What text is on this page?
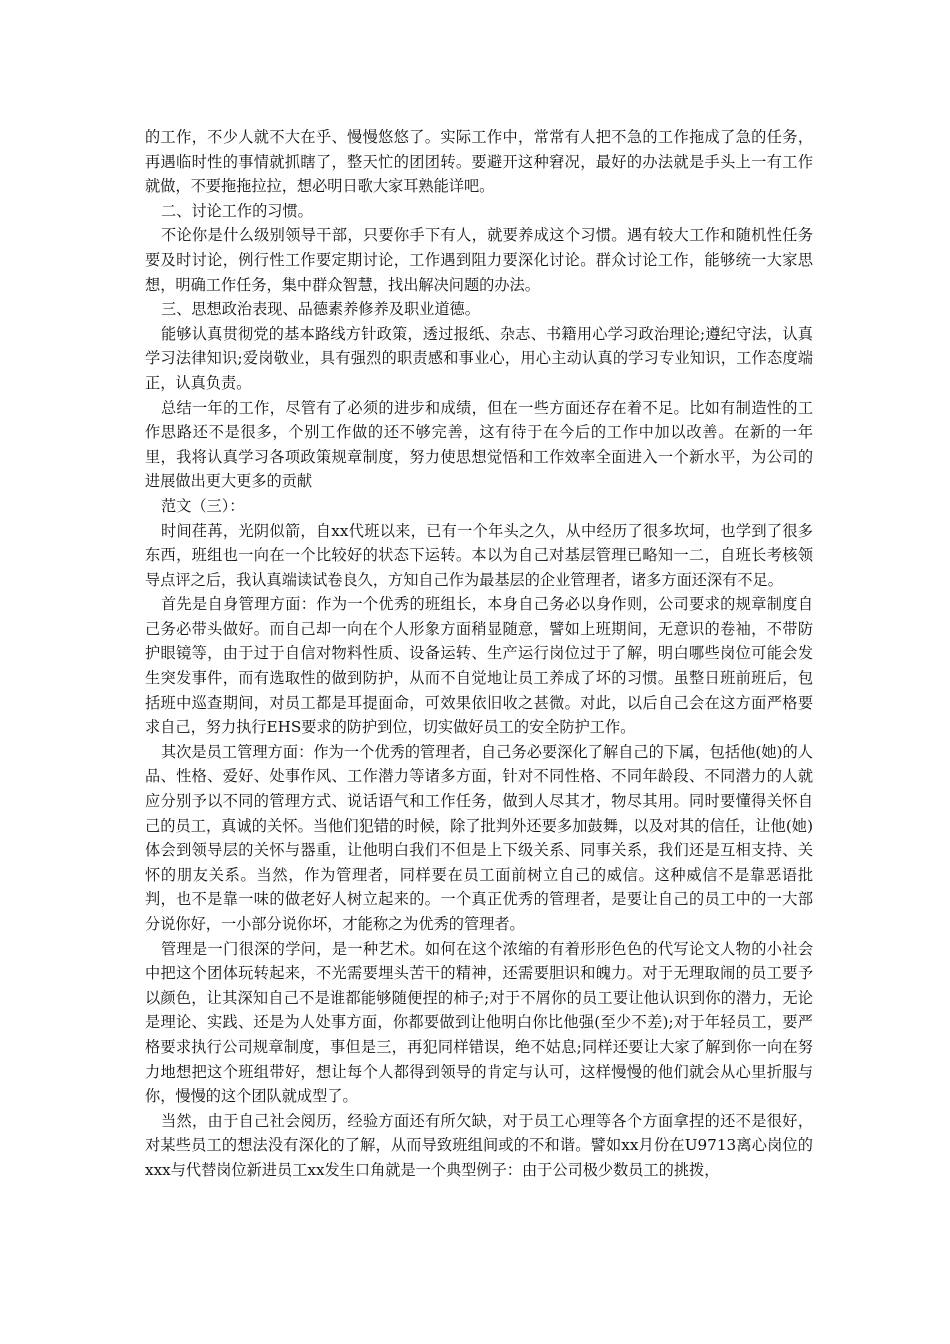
的工作，不少人就不大在乎、慢慢悠悠了。实际工作中，常常有人把不急的工作拖成了急的任务，再遇临时性的事情就抓瞎了，整天忙的团团转。要避开这种窘况，最好的办法就是手头上一有工作就做，不要拖拖拉拉，想必明日歌大家耳熟能详吧。

二、讨论工作的习惯。

不论你是什么级别领导干部，只要你手下有人，就要养成这个习惯。遇有较大工作和随机性任务要及时讨论，例行性工作要定期讨论，工作遇到阻力要深化讨论。群众讨论工作，能够统一大家思想，明确工作任务，集中群众智慧，找出解决问题的办法。

三、思想政治表现、品德素养修养及职业道德。

能够认真贯彻党的基本路线方针政策，透过报纸、杂志、书籍用心学习政治理论;遵纪守法，认真学习法律知识;爱岗敬业，具有强烈的职责感和事业心，用心主动认真的学习专业知识，工作态度端正，认真负责。

总结一年的工作，尽管有了必须的进步和成绩，但在一些方面还存在着不足。比如有制造性的工作思路还不是很多，个别工作做的还不够完善，这有待于在今后的工作中加以改善。在新的一年里，我将认真学习各项政策规章制度，努力使思想觉悟和工作效率全面进入一个新水平，为公司的进展做出更大更多的贡献

范文（三）：

时间荏苒，光阴似箭，自xx代班以来，已有一个年头之久，从中经历了很多坎坷，也学到了很多东西，班组也一向在一个比较好的状态下运转。本以为自己对基层管理已略知一二，自班长考核领导点评之后，我认真端读试卷良久，方知自己作为最基层的企业管理者，诸多方面还深有不足。

首先是自身管理方面：作为一个优秀的班组长，本身自己务必以身作则，公司要求的规章制度自己务必带头做好。而自己却一向在个人形象方面稍显随意，譬如上班期间，无意识的卷袖，不带防护眼镜等，由于过于自信对物料性质、设备运转、生产运行岗位过于了解，明白哪些岗位可能会发生突发事件，而有选取性的做到防护，从而不自觉地让员工养成了坏的习惯。虽整日班前班后，包括班中巡查期间，对员工都是耳提面命，可效果依旧收之甚微。对此，以后自己会在这方面严格要求自己，努力执行EHS要求的防护到位，切实做好员工的安全防护工作。

其次是员工管理方面：作为一个优秀的管理者，自己务必要深化了解自己的下属，包括他(她)的人品、性格、爱好、处事作风、工作潜力等诸多方面，针对不同性格、不同年龄段、不同潜力的人就应分别予以不同的管理方式、说话语气和工作任务，做到人尽其才，物尽其用。同时要懂得关怀自己的员工，真诚的关怀。当他们犯错的时候，除了批判外还要多加鼓舞，以及对其的信任，让他(她)体会到领导层的关怀与器重，让他明白我们不但是上下级关系、同事关系，我们还是互相支持、关怀的朋友关系。当然，作为管理者，同样要在员工面前树立自己的威信。这种威信不是靠恶语批判，也不是靠一味的做老好人树立起来的。一个真正优秀的管理者，是要让自己的员工中的一大部分说你好，一小部分说你坏，才能称之为优秀的管理者。

管理是一门很深的学问，是一种艺术。如何在这个浓缩的有着形形色色的代写论文人物的小社会中把这个团体玩转起来，不光需要埋头苦干的精神，还需要胆识和魄力。对于无理取闹的员工要予以颜色，让其深知自己不是谁都能够随便捏的柿子;对于不屑你的员工要让他认识到你的潜力，无论是理论、实践、还是为人处事方面，你都要做到让他明白你比他强(至少不差);对于年轻员工，要严格要求执行公司规章制度，事但是三，再犯同样错误，绝不姑息;同样还要让大家了解到你一向在努力地想把这个班组带好，想让每个人都得到领导的肯定与认可，这样慢慢的他们就会从心里折服与你，慢慢的这个团队就成型了。

当然，由于自己社会阅历，经验方面还有所欠缺，对于员工心理等各个方面拿捏的还不是很好，对某些员工的想法没有深化的了解，从而导致班组间或的不和谐。譬如xx月份在U9713离心岗位的xxx与代替岗位新进员工xx发生口角就是一个典型例子：由于公司极少数员工的挑拨，
